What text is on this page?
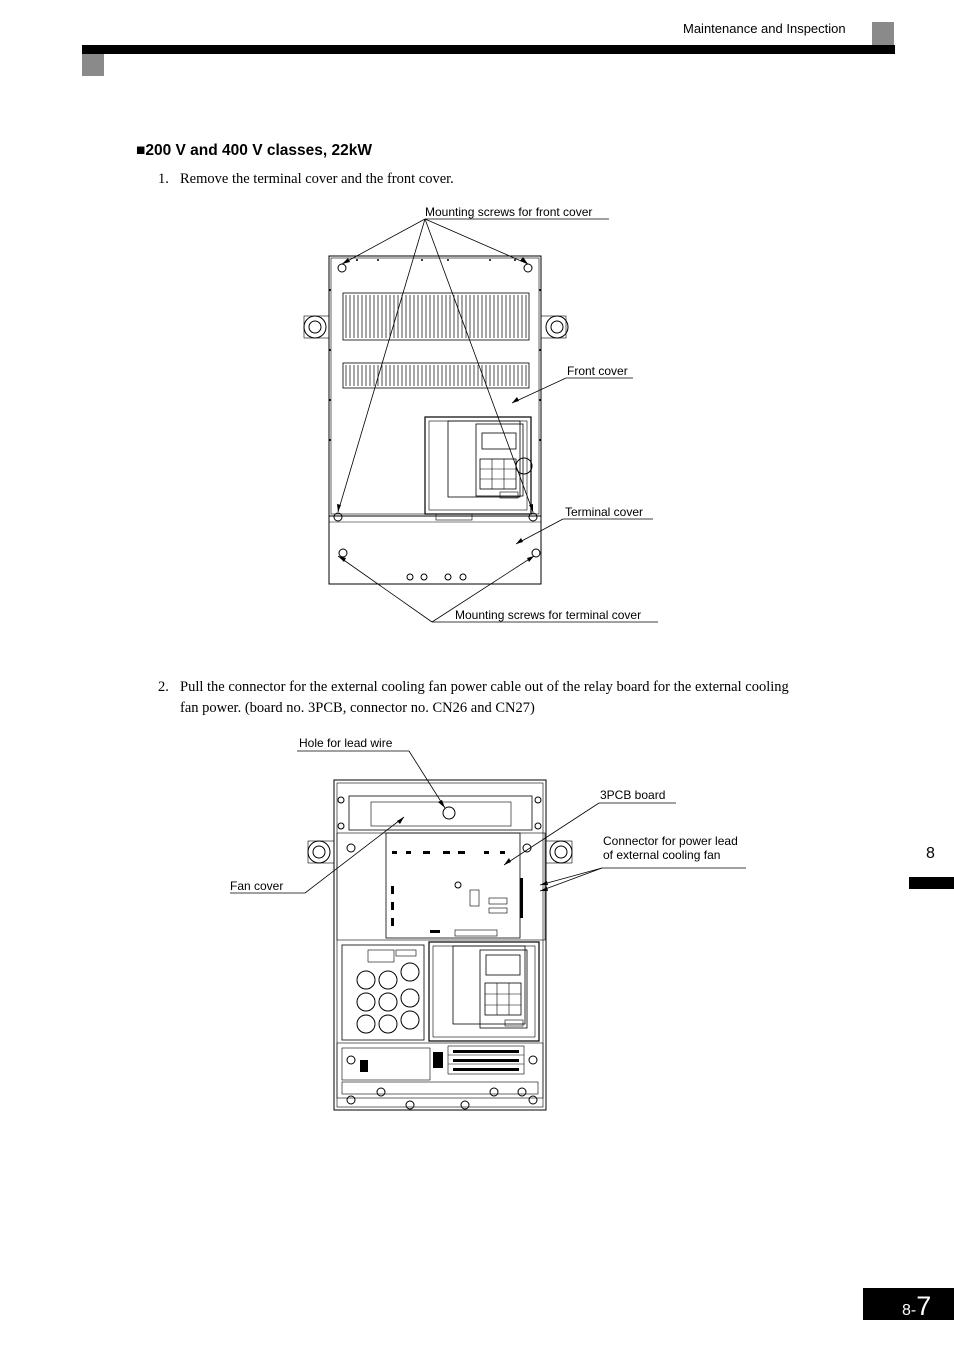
Maintenance and Inspection
■200 V and 400 V classes, 22kW
1. Remove the terminal cover and the front cover.
Mounting screws for front cover
Front cover
Terminal cover
Mounting screws for terminal cover
2. Pull the connector for the external cooling fan power cable out of the relay board for the external cooling
fan power. (board no. 3PCB, connector no. CN26 and CN27)
Hole for lead wire
3PCB board
Connector for power lead
of external cooling fan
Fan cover
8
8-7
